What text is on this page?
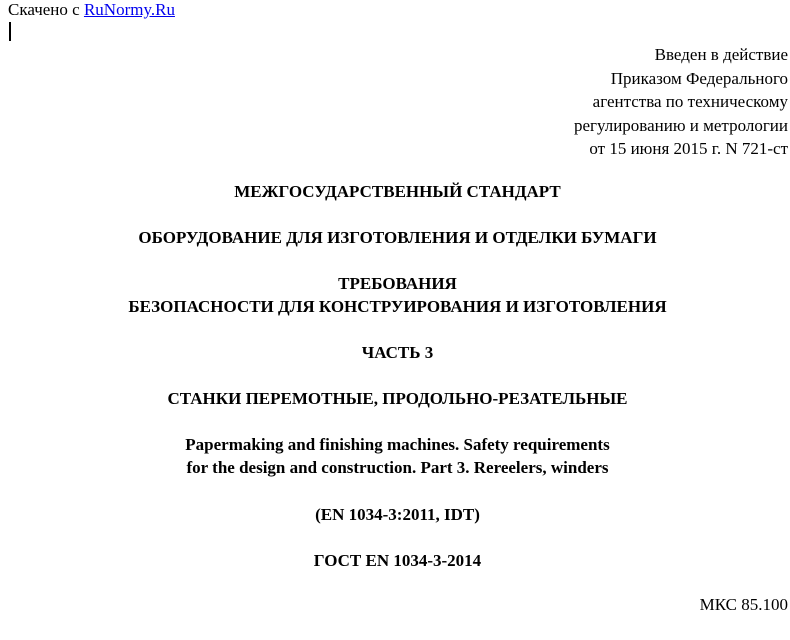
Скачено с RuNormy.Ru
Введен в действие
Приказом Федерального
агентства по техническому
регулированию и метрологии
от 15 июня 2015 г. N 721-ст
МЕЖГОСУДАРСТВЕННЫЙ СТАНДАРТ
ОБОРУДОВАНИЕ ДЛЯ ИЗГОТОВЛЕНИЯ И ОТДЕЛКИ БУМАГИ
ТРЕБОВАНИЯ
БЕЗОПАСНОСТИ ДЛЯ КОНСТРУИРОВАНИЯ И ИЗГОТОВЛЕНИЯ
ЧАСТЬ 3
СТАНКИ ПЕРЕМОТНЫЕ, ПРОДОЛЬНО-РЕЗАТЕЛЬНЫЕ
Papermaking and finishing machines. Safety requirements
for the design and construction. Part 3. Rereelers, winders
(EN 1034-3:2011, IDT)
ГОСТ EN 1034-3-2014
МКС 85.100
